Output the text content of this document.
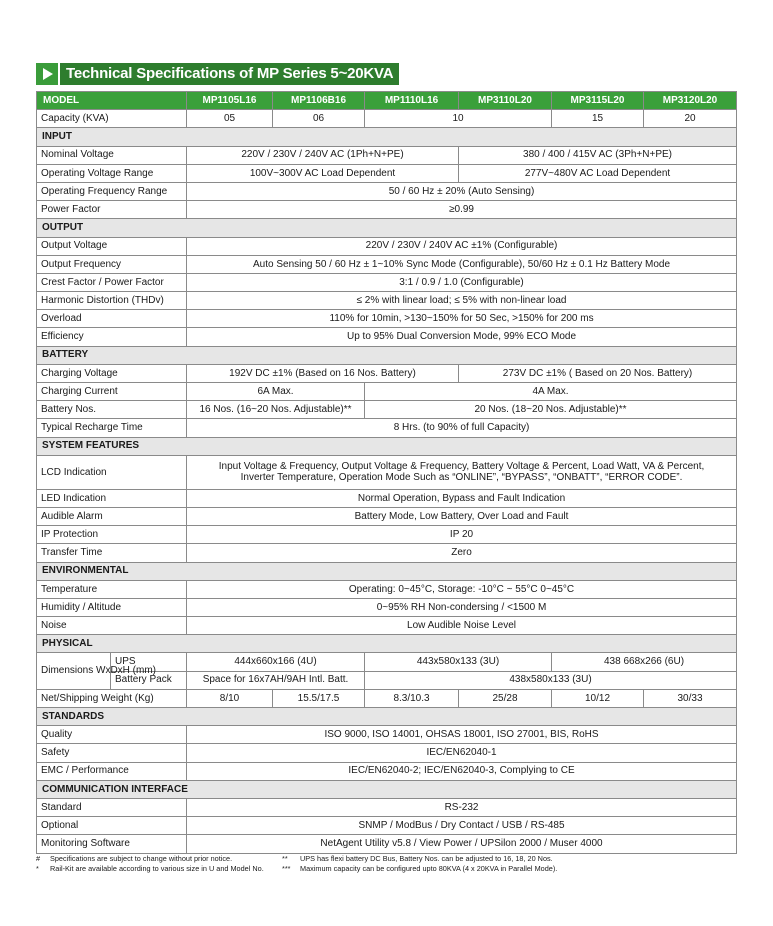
Technical Specifications of MP Series 5~20KVA
MODEL		MP1105L16	MP1106B16	MP1110L16	MP3110L20	MP3115L20	MP3120L20
Capacity (KVA)		05	06	10		15	20
INPUT							
Nominal Voltage		220V / 230V / 240V AC (1Ph+N+PE)			380 / 400 / 415V AC (3Ph+N+PE)		
Operating Voltage Range		100V~300V AC Load Dependent			277V~480V AC Load Dependent		
Operating Frequency Range		50 / 60 Hz ± 20% (Auto Sensing)					
Power Factor		≥0.99					
OUTPUT							
Output Voltage		220V / 230V / 240V AC ±1% (Configurable)					
Output Frequency		Auto Sensing 50 / 60 Hz ± 1~10% Sync Mode (Configurable), 50/60 Hz ± 0.1 Hz Battery Mode					
Crest Factor / Power Factor		3:1 / 0.9 / 1.0 (Configurable)					
Harmonic Distortion (THDv)		≤ 2% with linear load; ≤ 5% with non-linear load					
Overload		110% for 10min, >130~150% for 50 Sec, >150% for 200 ms					
Efficiency		Up to 95% Dual Conversion Mode, 99% ECO Mode					
BATTERY							
Charging Voltage		192V DC ±1% (Based on 16 Nos. Battery)			273V DC ±1% ( Based on 20 Nos. Battery)		
Charging Current		6A Max.		4A Max.			
Battery Nos.		16 Nos. (16~20 Nos. Adjustable)**		20 Nos. (18~20 Nos. Adjustable)**			
Typical Recharge Time		8 Hrs. (to 90% of full Capacity)					
SYSTEM FEATURES							
LCD Indication		Input Voltage & Frequency, Output Voltage & Frequency, Battery Voltage & Percent, Load Watt, VA & Percent,
Inverter Temperature, Operation Mode Such as “ONLINE”, “BYPASS”, “ONBATT”, “ERROR CODE”.					

LED Indication		Normal Operation, Bypass and Fault Indication					
Audible Alarm		Battery Mode, Low Battery, Over Load and Fault					
IP Protection		IP 20					
Transfer Time		Zero					
ENVIRONMENTAL							
Temperature		Operating: 0~45°C, Storage: -10°C ~ 55°C 0~45°C					
Humidity / Altitude		0~95% RH Non-condersing / <1500 M					
Noise		Low Audible Noise Level					
PHYSICAL							
Dimensions WxDxH (mm)	UPS	444x660x166 (4U)		443x580x133 (3U)		438 668x266 (6U)	
	Battery Pack	Space for 16x7AH/9AH Intl. Batt.		438x580x133 (3U)			
Net/Shipping Weight (Kg)		8/10	15.5/17.5	8.3/10.3	25/28	10/12	30/33
STANDARDS							
Quality		ISO 9000, ISO 14001, OHSAS 18001, ISO 27001, BIS, RoHS					
Safety		IEC/EN62040-1					
EMC / Performance		IEC/EN62040-2; IEC/EN62040-3, Complying to CE					
COMMUNICATION INTERFACE							
Standard		RS-232					
Optional		SNMP / ModBus / Dry Contact / USB / RS-485					
Monitoring Software		NetAgent Utility v5.8 / View Power / UPSilon 2000 / Muser 4000					
#	Specifications are subject to change without prior notice.	**	UPS has flexi battery DC Bus, Battery Nos. can be adjusted to 16, 18, 20 Nos.
*	Rail-Kit are available according to various size in U and Model No.	***	Maximum capacity can be configured upto 80KVA (4 x 20KVA in Parallel Mode).
